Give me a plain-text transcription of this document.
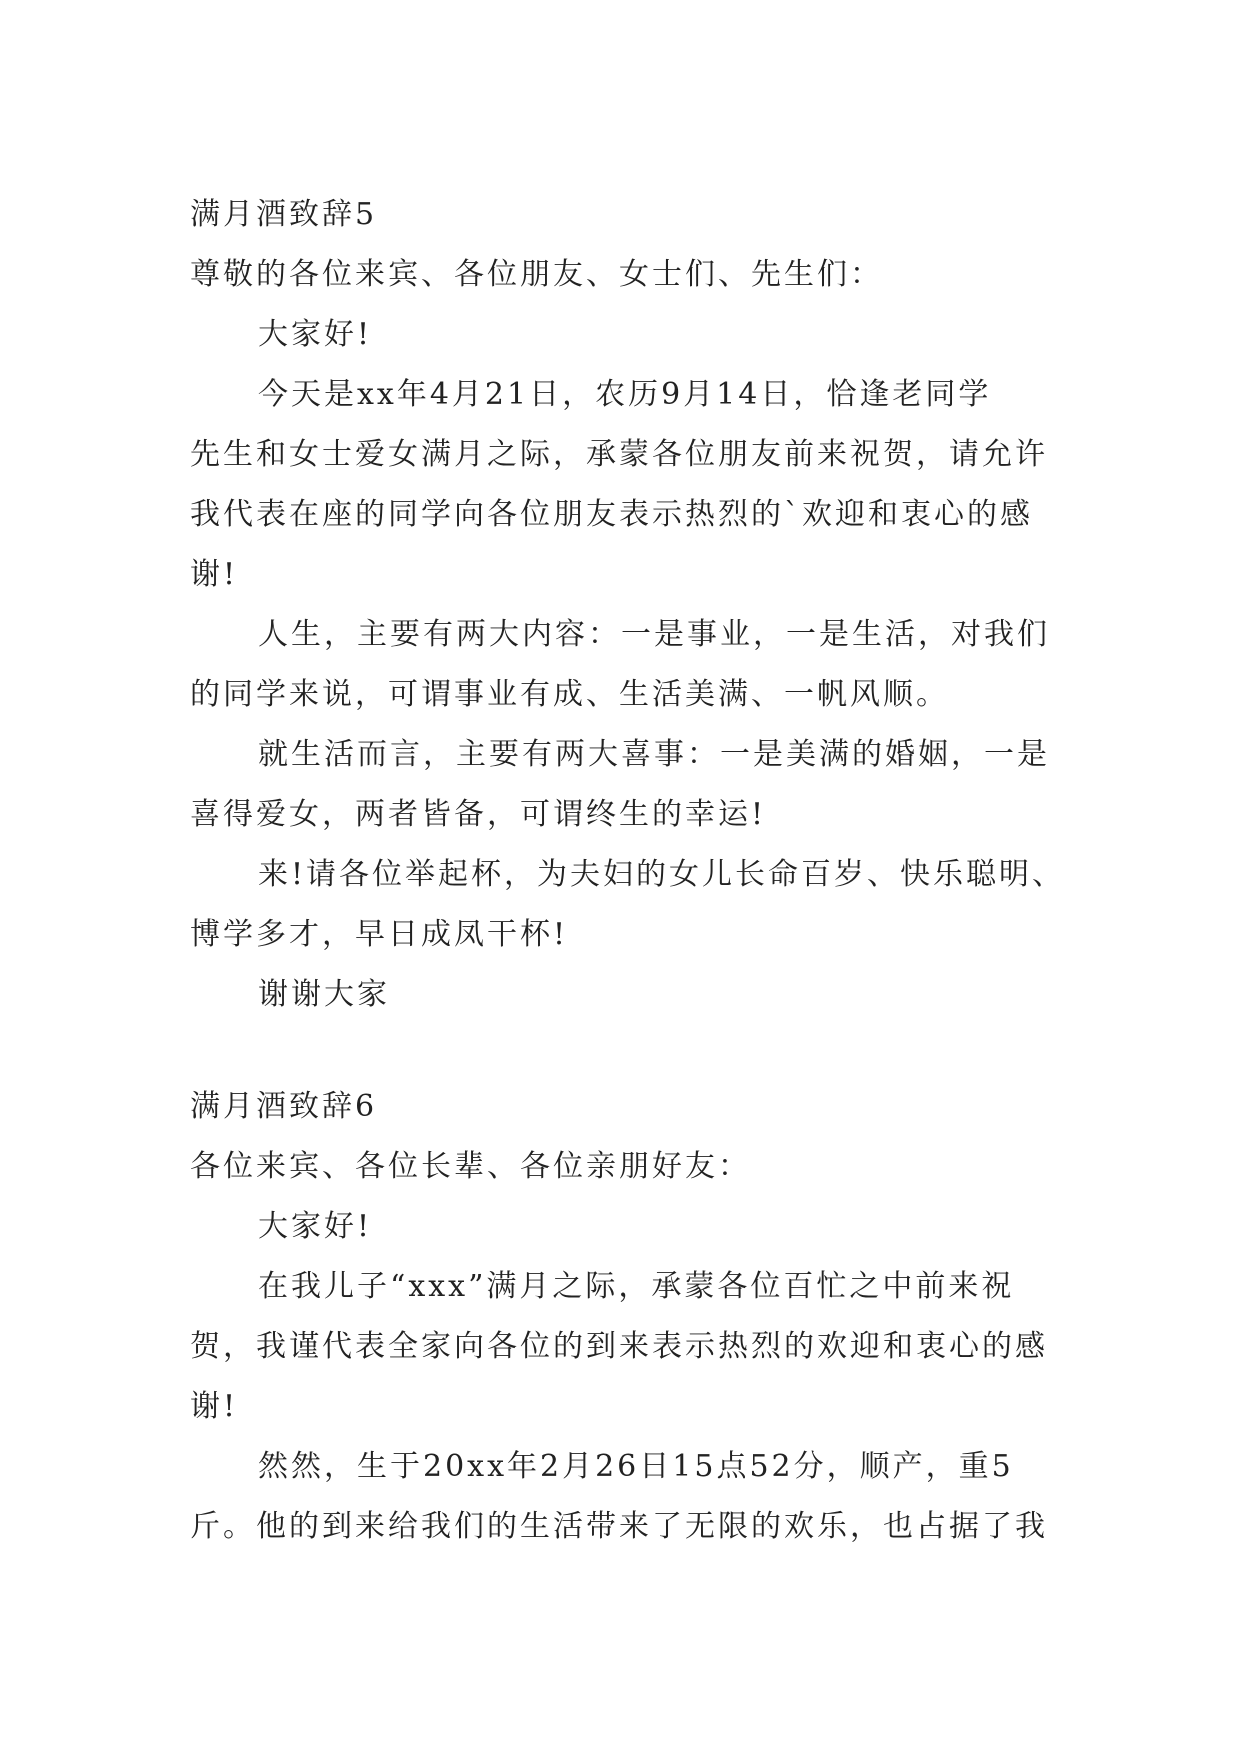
满月酒致辞5
尊敬的各位来宾、各位朋友、女士们、先生们：
大家好!
今天是xx年4月21日，农历9月14日，恰逢老同学
先生和女士爱女满月之际，承蒙各位朋友前来祝贺，请允许
我代表在座的同学向各位朋友表示热烈的`欢迎和衷心的感
谢!
人生，主要有两大内容：一是事业，一是生活，对我们
的同学来说，可谓事业有成、生活美满、一帆风顺。
就生活而言，主要有两大喜事：一是美满的婚姻，一是
喜得爱女，两者皆备，可谓终生的幸运!
来!请各位举起杯，为夫妇的女儿长命百岁、快乐聪明、
博学多才，早日成凤干杯!
谢谢大家
满月酒致辞6
各位来宾、各位长辈、各位亲朋好友：
大家好!
在我儿子“xxx”满月之际，承蒙各位百忙之中前来祝
贺，我谨代表全家向各位的到来表示热烈的欢迎和衷心的感
谢!
然然，生于20xx年2月26日15点52分，顺产，重5
斤。他的到来给我们的生活带来了无限的欢乐，也占据了我
